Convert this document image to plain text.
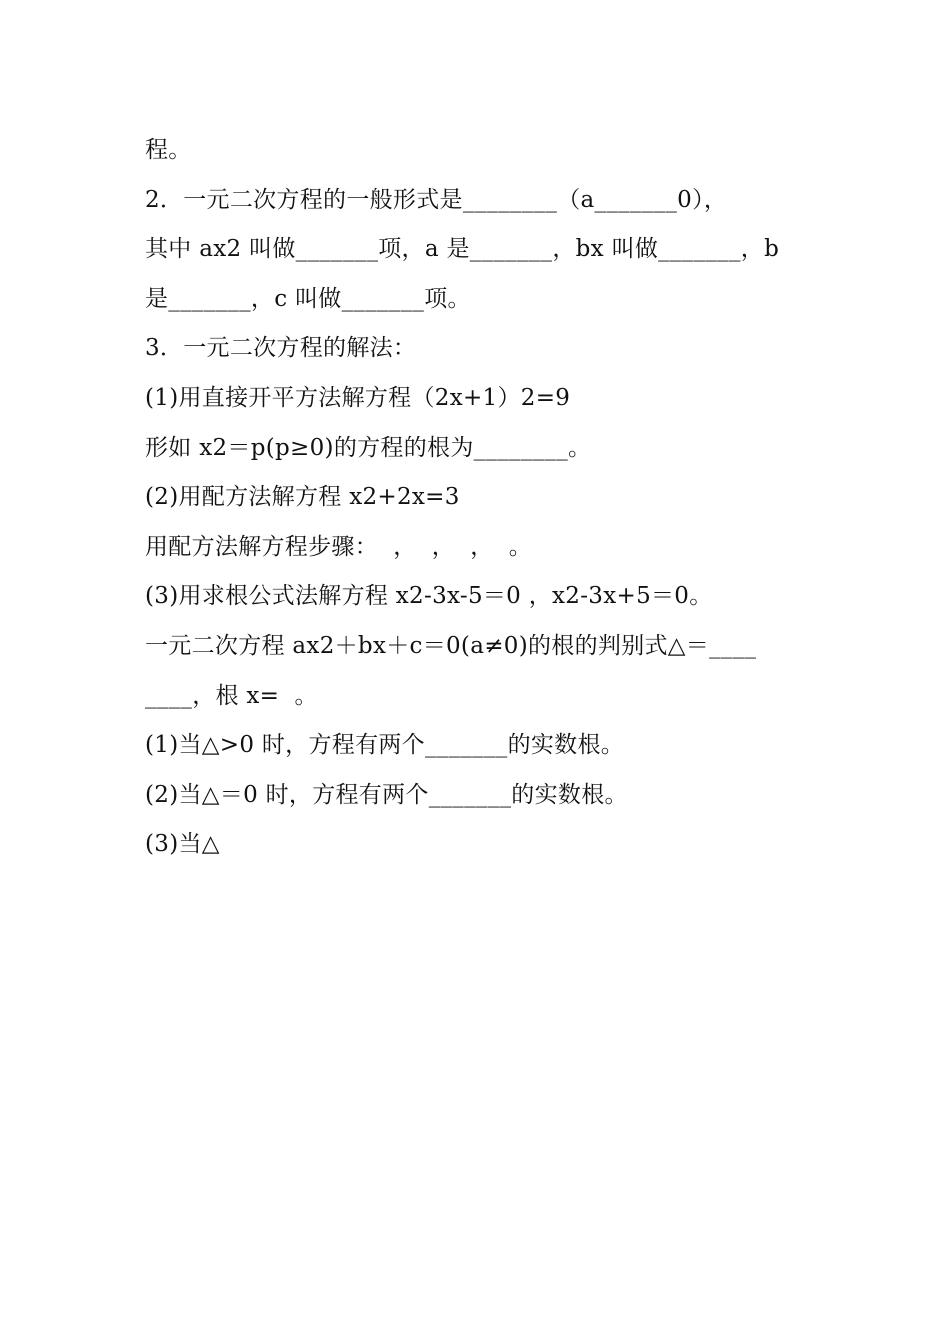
程。
2．一元二次方程的一般形式是________（a_______0），
其中 ax2 叫做_______项，a 是_______，bx 叫做_______，b
是_______，c 叫做_______项。
3．一元二次方程的解法：
(1)用直接开平方法解方程（2x+1）2=9
形如 x2＝p(p≥0)的方程的根为________。
(2)用配方法解方程 x2+2x=3
用配方法解方程步骤：  ，  ，  ，  。
(3)用求根公式法解方程 x2-3x-5＝0 ，x2-3x+5＝0。
一元二次方程 ax2＋bx＋c＝0(a≠0)的根的判别式△＝____
____，根 x=  。
(1)当△>0 时，方程有两个_______的实数根。
(2)当△＝0 时，方程有两个_______的实数根。
(3)当△
